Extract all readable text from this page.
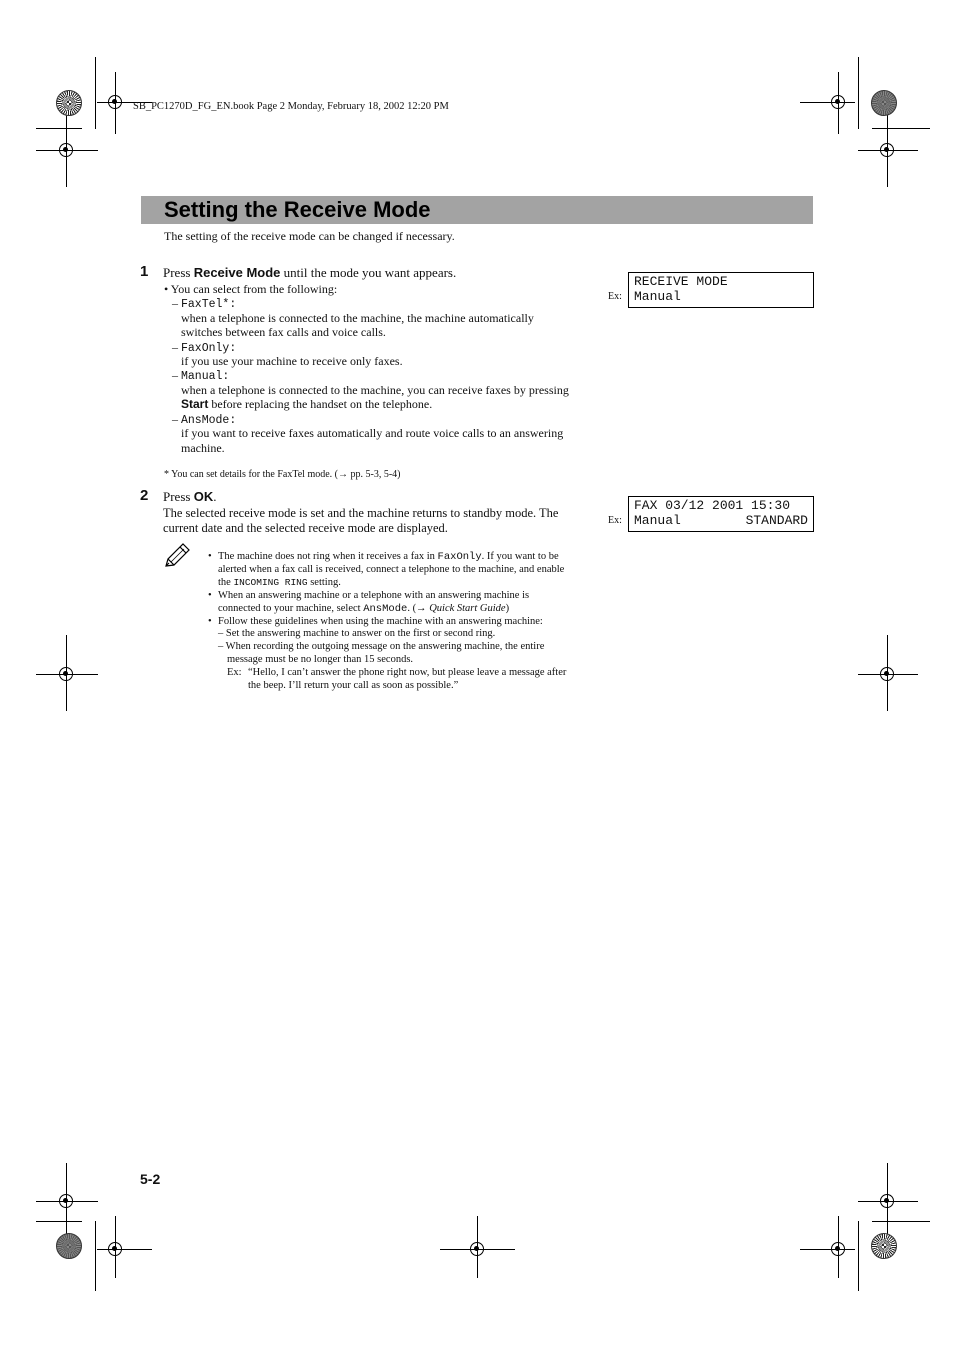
SB_PC1270D_FG_EN.book Page 2 Monday, February 18, 2002 12:20 PM
Setting the Receive Mode
The setting of the receive mode can be changed if necessary.
1 Press Receive Mode until the mode you want appears.
• You can select from the following:
– FaxTel*:
when a telephone is connected to the machine, the machine automatically
switches between fax calls and voice calls.
– FaxOnly:
if you use your machine to receive only faxes.
– Manual:
when a telephone is connected to the machine, you can receive faxes by pressing
Start before replacing the handset on the telephone.
– AnsMode:
if you want to receive faxes automatically and route voice calls to an answering
machine.
* You can set details for the FaxTel mode. (→ pp. 5-3, 5-4)
Ex:
RECEIVE MODE
Manual
2 Press OK.
The selected receive mode is set and the machine returns to standby mode. The
current date and the selected receive mode are displayed.
Ex:
FAX 03/12 2001 15:30
Manual	STANDARD
• The machine does not ring when it receives a fax in FaxOnly. If you want to be
alerted when a fax call is received, connect a telephone to the machine, and enable
the INCOMING RING setting.
• When an answering machine or a telephone with an answering machine is
connected to your machine, select AnsMode. (→ Quick Start Guide)
• Follow these guidelines when using the machine with an answering machine:
– Set the answering machine to answer on the first or second ring.
– When recording the outgoing message on the answering machine, the entire
message must be no longer than 15 seconds.
Ex: “Hello, I can’t answer the phone right now, but please leave a message after
the beep. I’ll return your call as soon as possible.”
5-2
